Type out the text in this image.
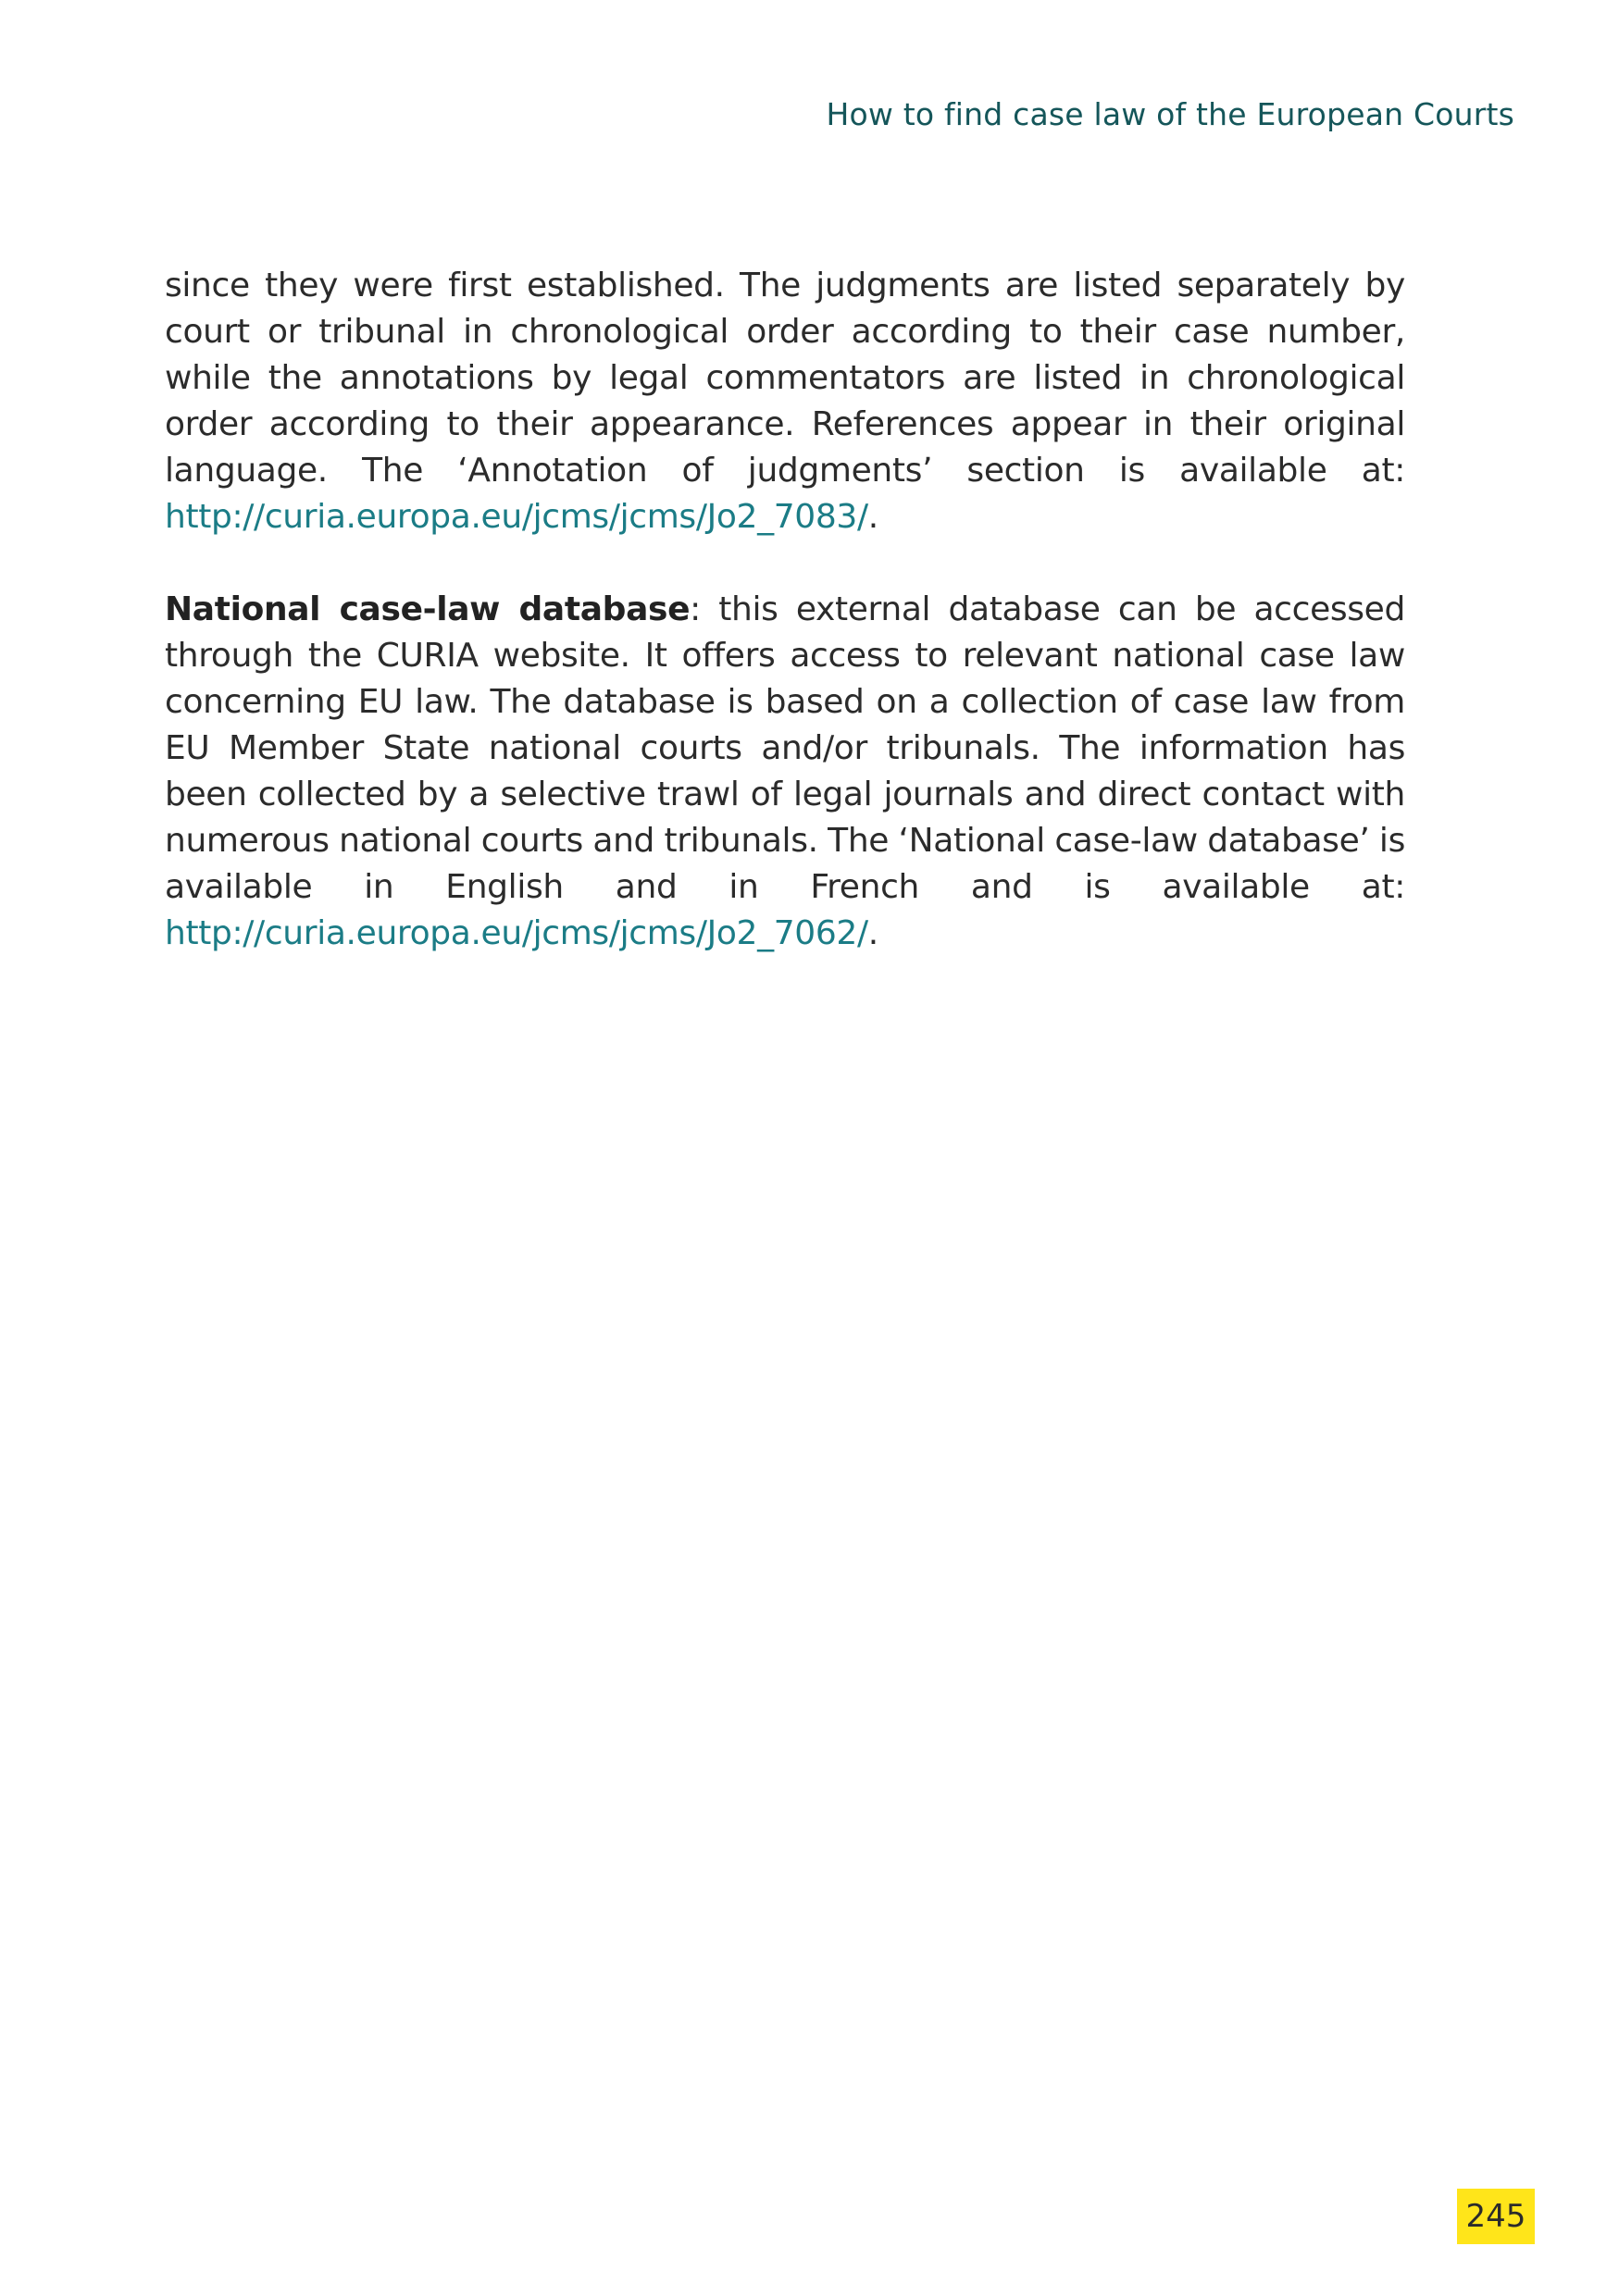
How to find case law of the European Courts

since they were first established. The judgments are listed separately by court or tribunal in chronological order according to their case number, while the annotations by legal commentators are listed in chronological order according to their appearance. References appear in their original language. The ‘Annotation of judgments’ section is available at: http://curia.europa.eu/jcms/jcms/Jo2_7083/.

National case-law database: this external database can be accessed through the CURIA website. It offers access to relevant national case law concerning EU law. The database is based on a collection of case law from EU Member State national courts and/or tribunals. The information has been collected by a selective trawl of legal journals and direct contact with numerous national courts and tribunals. The ‘National case-law database’ is available in English and in French and is available at: http://curia.europa.eu/jcms/jcms/Jo2_7062/.

245
